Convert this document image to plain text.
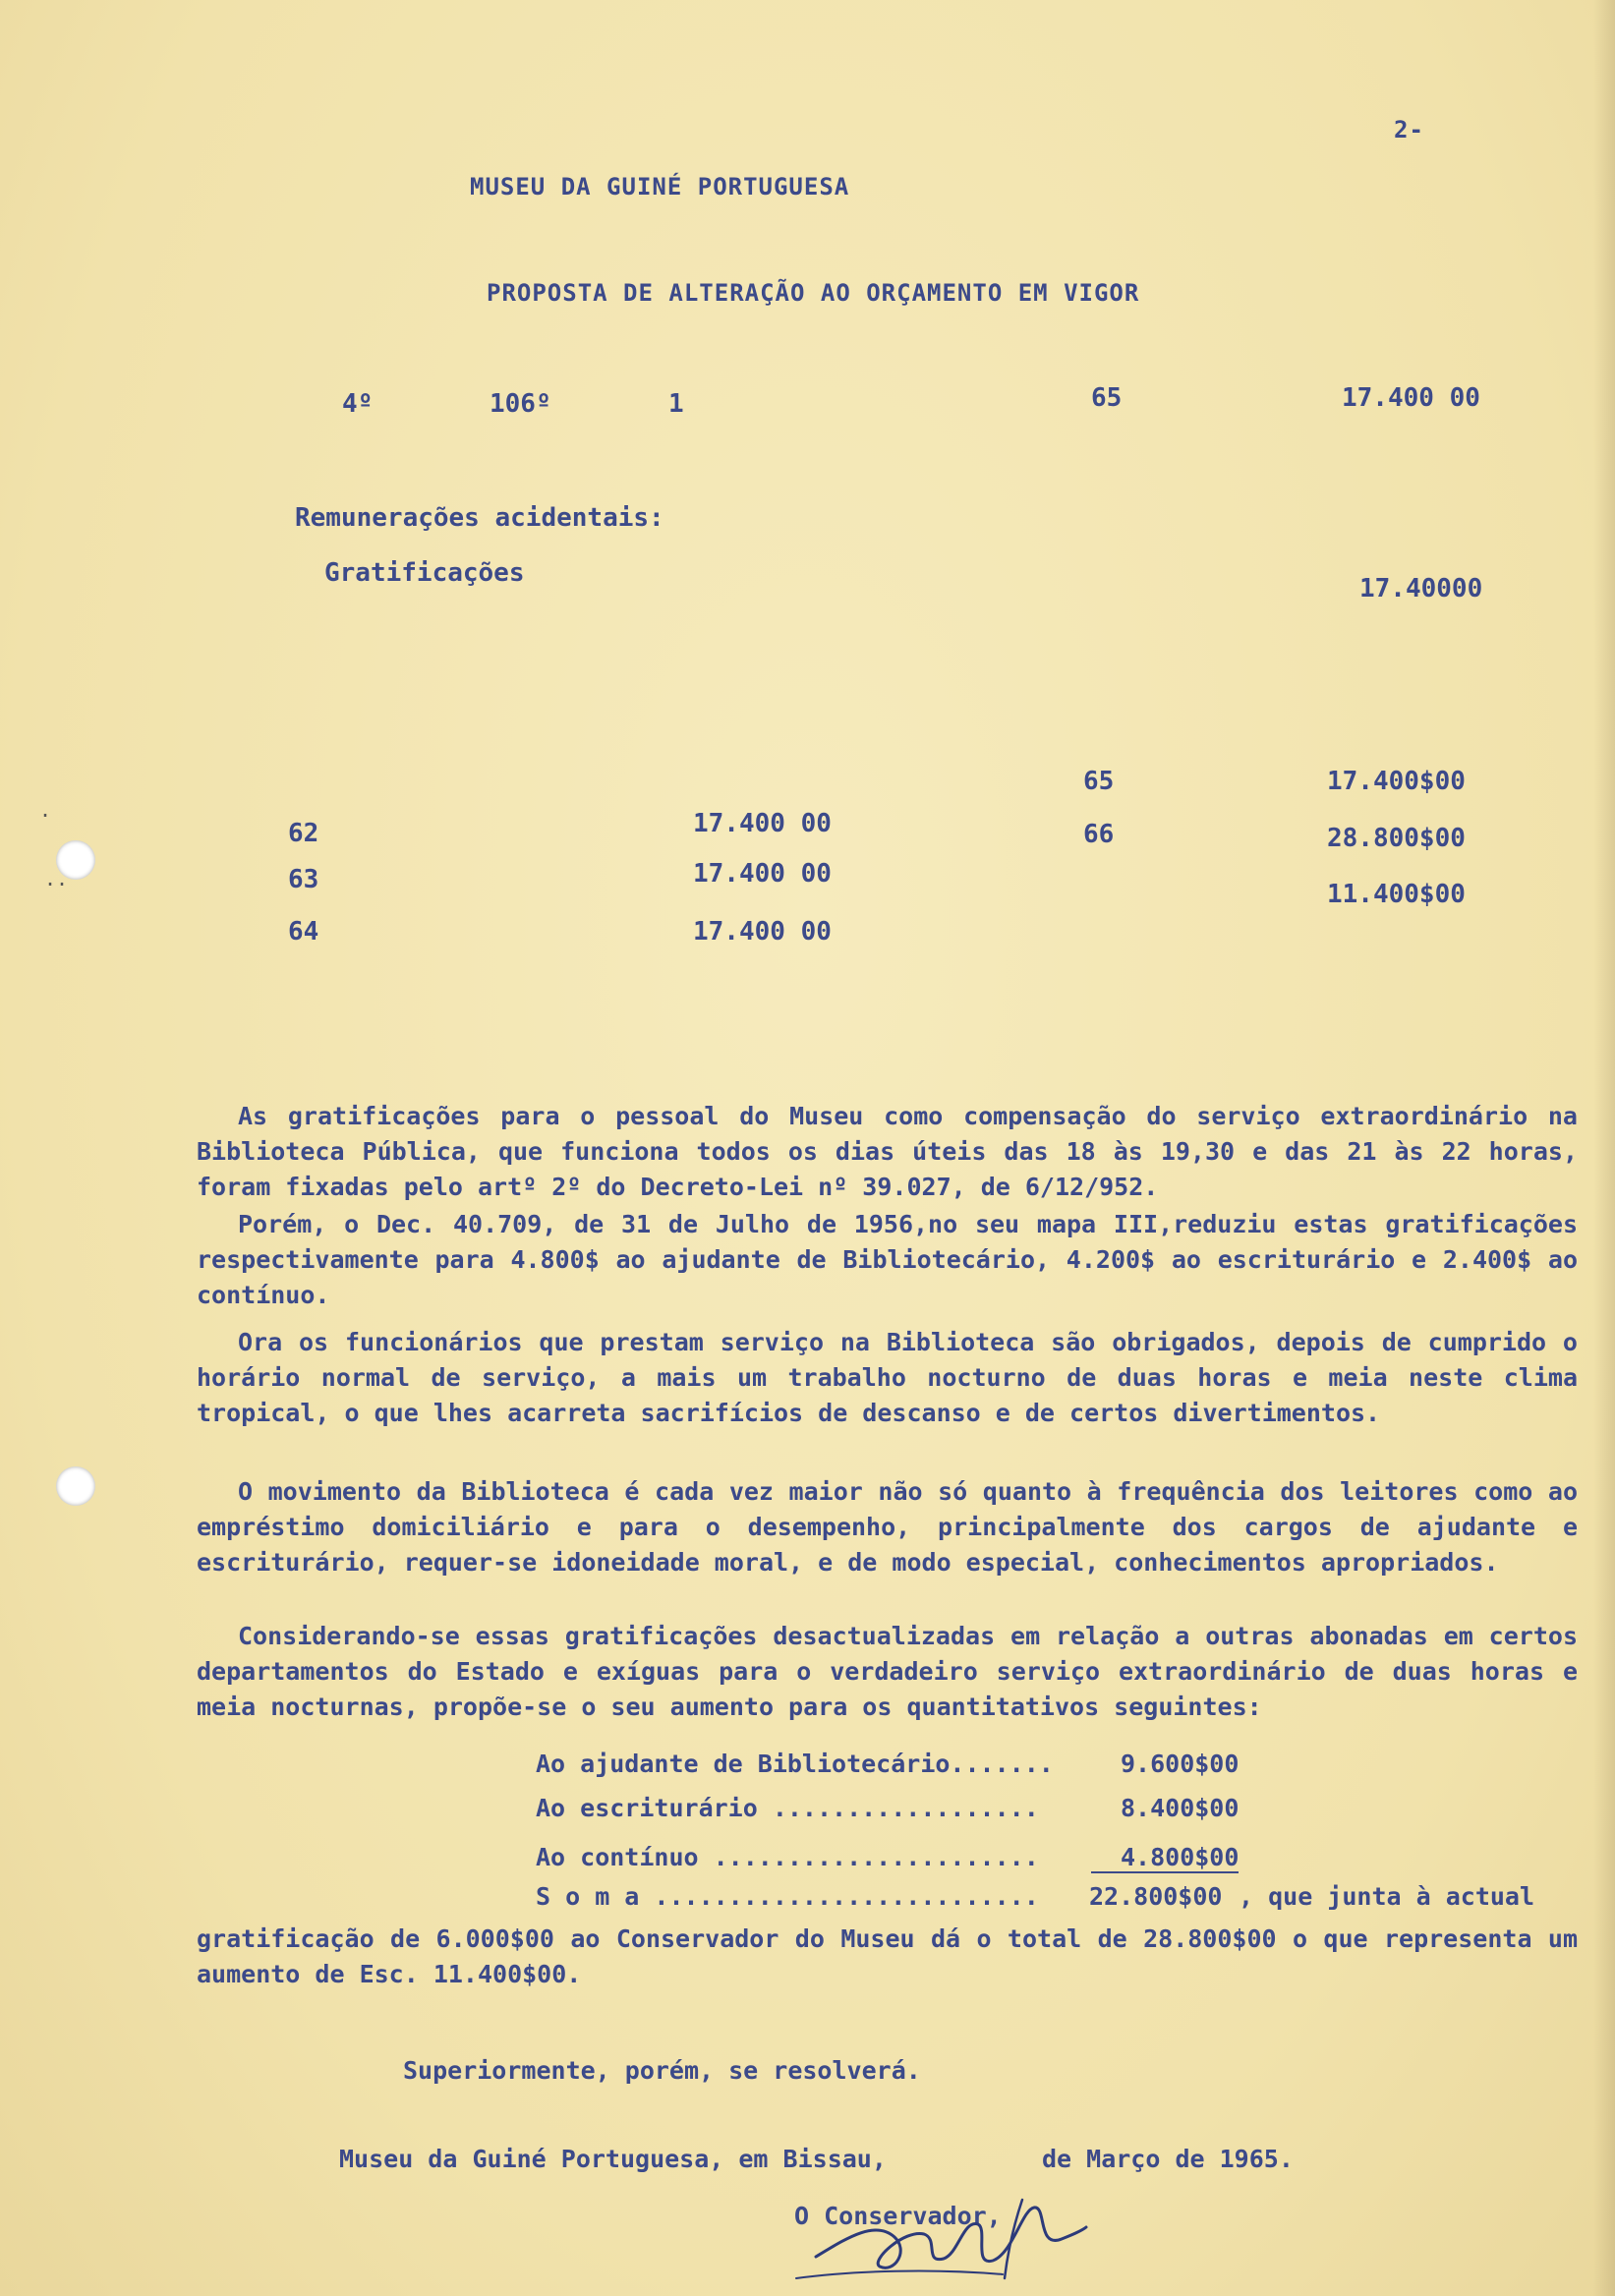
2-
MUSEU DA GUINÉ PORTUGUESA
PROPOSTA DE ALTERAÇÃO AO ORÇAMENTO EM VIGOR
4º	106º	1	65	17.400 00
Remunerações acidentais:
Gratificações
17.40000
62	17.400 00
63	17.400 00
64	17.400 00
65	17.400$00
66	28.800$00
11.400$00

As gratificações para o pessoal do Museu como compensação do serviço extraordinário na Biblioteca Pública, que funciona todos os dias úteis das 18 às 19,30 e das 21 às 22 horas, foram fixadas pelo artº 2º do Decreto-Lei nº 39.027, de 6/12/952.

Porém, o Dec. 40.709, de 31 de Julho de 1956,no seu mapa III,reduziu estas gratificações respectivamente para 4.800$ ao ajudante de Bibliotecário, 4.200$ ao escriturário e 2.400$ ao contínuo.

Ora os funcionários que prestam serviço na Biblioteca são obrigados, depois de cumprido o horário normal de serviço, a mais um trabalho nocturno de duas horas e meia neste clima tropical, o que lhes acarreta sacrifícios de descanso e de certos divertimentos.

O movimento da Biblioteca é cada vez maior não só quanto à frequência dos leitores como ao empréstimo domiciliário e para o desempenho, principalmente dos cargos de ajudante e escriturário, requer-se idoneidade moral, e de modo especial, conhecimentos apropriados.

Considerando-se essas gratificações desactualizadas em relação a outras abonadas em certos departamentos do Estado e exíguas para o verdadeiro serviço extraordinário de duas horas e meia nocturnas, propõe-se o seu aumento para os quantitativos seguintes:

Ao ajudante de Bibliotecário.......	9.600$00
Ao escriturário ..................	8.400$00
Ao contínuo ......................	4.800$00
S o m a .......................... 22.800$00 , que junta à actual

gratificação de 6.000$00 ao Conservador do Museu dá o total de 28.800$00 o que representa um aumento de Esc. 11.400$00.

Superiormente, porém, se resolverá.
Museu da Guiné Portuguesa, em Bissau,	de Março de 1965.
O Conservador,
.
..
